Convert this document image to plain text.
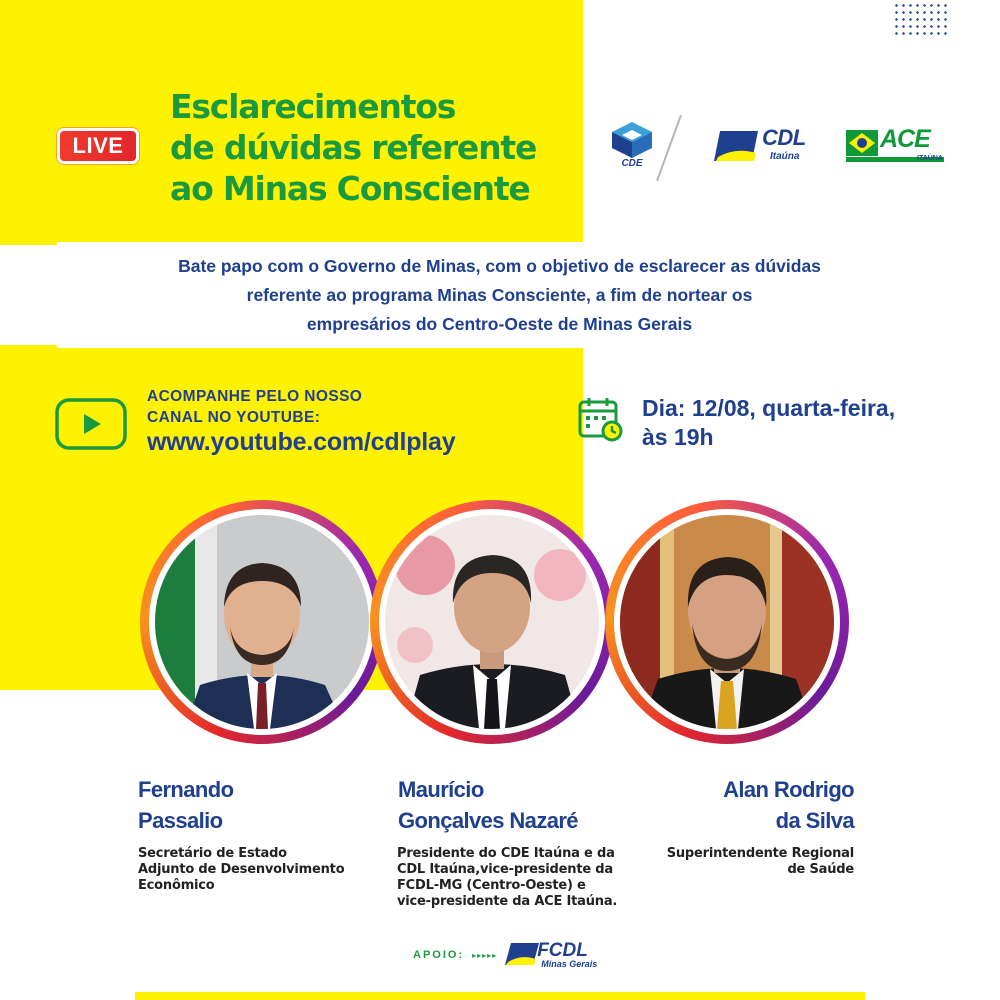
LIVE
Esclarecimentos
de dúvidas referente
ao Minas Consciente
CDE
CDL
Itaúna
ACE
ITAÚNA
Bate papo com o Governo de Minas, com o objetivo de esclarecer as dúvidas
referente ao programa Minas Consciente, a fim de nortear os
empresários do Centro-Oeste de Minas Gerais
ACOMPANHE PELO NOSSO
CANAL NO YOUTUBE:
www.youtube.com/cdlplay
Dia: 12/08, quarta-feira,
às 19h
Fernando
Passalio
Secretário de Estado
Adjunto de Desenvolvimento
Econômico
Maurício
Gonçalves Nazaré
Presidente do CDE Itaúna e da
CDL Itaúna,vice-presidente da
FCDL-MG (Centro-Oeste) e
vice-presidente da ACE Itaúna.
Alan Rodrigo
da Silva
Superintendente Regional
de Saúde
APOIO: ▸▸▸▸▸ FCDL
Minas Gerais
